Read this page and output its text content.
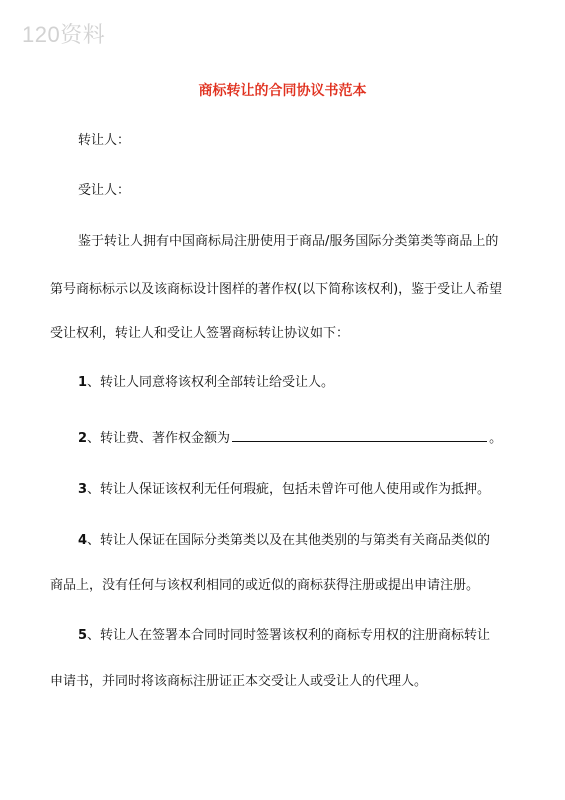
120资料
商标转让的合同协议书范本
转让人：
受让人：
鉴于转让人拥有中国商标局注册使用于商品/服务国际分类第类等商品上的
第号商标标示以及该商标设计图样的著作权(以下简称该权利)，鉴于受让人希望
受让权利，转让人和受让人签署商标转让协议如下：
1、转让人同意将该权利全部转让给受让人。
2、转让费、著作权金额为	。
3、转让人保证该权利无任何瑕疵，包括未曾许可他人使用或作为抵押。
4、转让人保证在国际分类第类以及在其他类别的与第类有关商品类似的
商品上，没有任何与该权利相同的或近似的商标获得注册或提出申请注册。
5、转让人在签署本合同时同时签署该权利的商标专用权的注册商标转让
申请书，并同时将该商标注册证正本交受让人或受让人的代理人。
